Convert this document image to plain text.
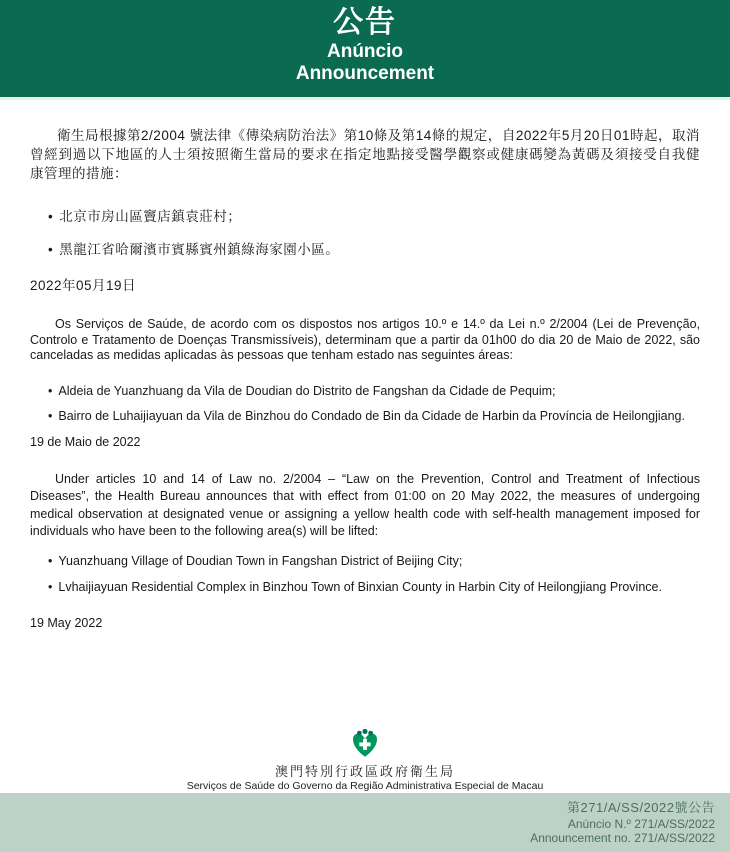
公告
Anúncio
Announcement

衛生局根據第2/2004 號法律《傳染病防治法》第10條及第14條的規定，自2022年5月20日01時起，取消曾經到過以下地區的人士須按照衛生當局的要求在指定地點接受醫學觀察或健康碼變為黃碼及須接受自我健康管理的措施：

• 北京市房山區竇店鎮袁莊村；
• 黑龍江省哈爾濱市賓縣賓州鎮綠海家園小區。
2022年05月19日

Os Serviços de Saúde, de acordo com os dispostos nos artigos 10.º e 14.º da Lei n.º 2/2004 (Lei de Prevenção, Controlo e Tratamento de Doenças Transmissíveis), determinam que a partir da 01h00 do dia 20 de Maio de 2022, são canceladas as medidas aplicadas às pessoas que tenham estado nas seguintes áreas:

• Aldeia de Yuanzhuang da Vila de Doudian do Distrito de Fangshan da Cidade de Pequim;
• Bairro de Luhaijiayuan da Vila de Binzhou do Condado de Bin da Cidade de Harbin da Província de Heilongjiang.
19 de Maio de 2022

Under articles 10 and 14 of Law no. 2/2004 – “Law on the Prevention, Control and Treatment of Infectious Diseases”, the Health Bureau announces that with effect from 01:00 on 20 May 2022, the measures of undergoing medical observation at designated venue or assigning a yellow health code with self-health management imposed for individuals who have been to the following area(s) will be lifted:

• Yuanzhuang Village of Doudian Town in Fangshan District of Beijing City;
• Lvhaijiayuan Residential Complex in Binzhou Town of Binxian County in Harbin City of Heilongjiang Province.
19 May 2022
澳門特別行政區政府衛生局
Serviços de Saúde do Governo da Região Administrativa Especial de Macau
第271/A/SS/2022號公告
Anúncio N.º 271/A/SS/2022
Announcement no. 271/A/SS/2022
